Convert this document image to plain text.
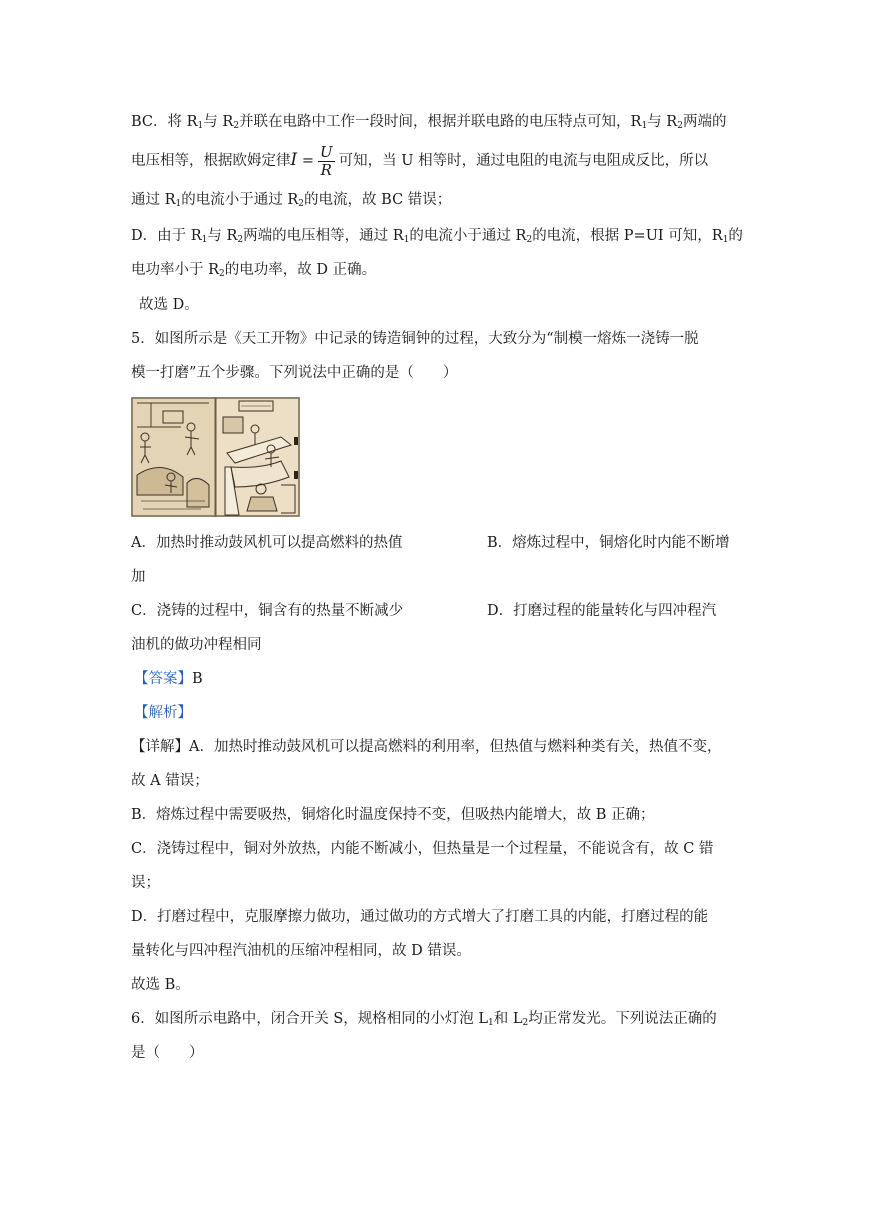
BC．将 $R_1$与 $R_2$并联在电路中工作一段时间，根据并联电路的电压特点可知，$R_1$与 $R_2$两端的
电压相等，根据欧姆定律$I = \frac{U}{R}$ 可知，当 U 相等时，通过电阻的电流与电阻成反比，所以
通过 $R_1$的电流小于通过 $R_2$的电流，故 BC 错误；
D．由于 $R_1$与 $R_2$两端的电压相等，通过 $R_1$的电流小于通过 $R_2$的电流，根据 P=UI 可知，$R_1$的
电功率小于 $R_2$的电功率，故 D 正确。
故选 D。
5．如图所示是《天工开物》中记录的铸造铜钟的过程，大致分为“制模一熔炼一浇铸一脱
模一打磨”五个步骤。下列说法中正确的是（　　）
A．加热时推动鼓风机可以提高燃料的热值	B．熔炼过程中，铜熔化时内能不断增
加
C．浇铸的过程中，铜含有的热量不断减少	D．打磨过程的能量转化与四冲程汽
油机的做功冲程相同
【答案】B
【解析】
【详解】A．加热时推动鼓风机可以提高燃料的利用率，但热值与燃料种类有关，热值不变，
故 A 错误；
B．熔炼过程中需要吸热，铜熔化时温度保持不变，但吸热内能增大，故 B 正确；
C．浇铸过程中，铜对外放热，内能不断减小，但热量是一个过程量，不能说含有，故 C 错
误；
D．打磨过程中，克服摩擦力做功，通过做功的方式增大了打磨工具的内能，打磨过程的能
量转化与四冲程汽油机的压缩冲程相同，故 D 错误。
故选 B。
6．如图所示电路中，闭合开关 S，规格相同的小灯泡 $L_1$和 $L_2$均正常发光。下列说法正确的
是（　　）
